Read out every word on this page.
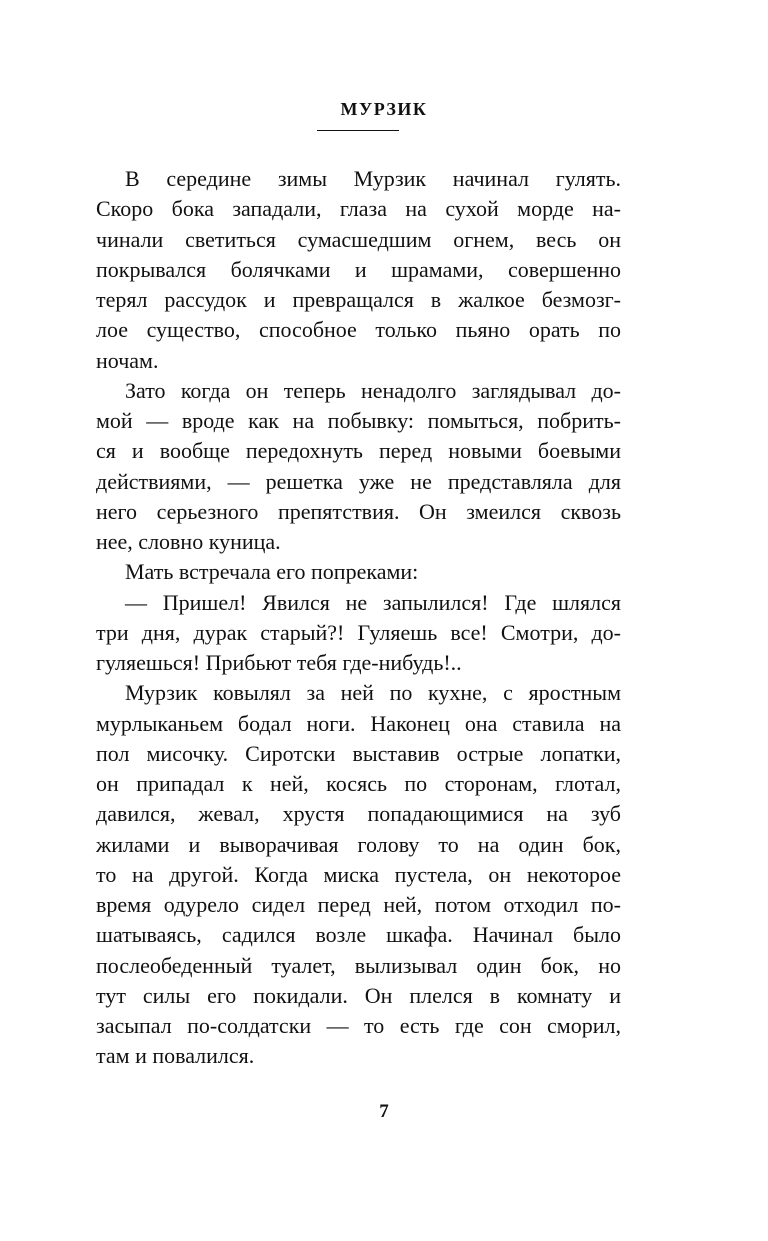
МУРЗИК
В середине зимы Мурзик начинал гулять.
Скоро бока западали, глаза на сухой морде на-
чинали светиться сумасшедшим огнем, весь он
покрывался болячками и шрамами, совершенно
терял рассудок и превращался в жалкое безмозг-
лое существо, способное только пьяно орать по
ночам.
Зато когда он теперь ненадолго заглядывал до-
мой — вроде как на побывку: помыться, побрить-
ся и вообще передохнуть перед новыми боевыми
действиями, — решетка уже не представляла для
него серьезного препятствия. Он змеился сквозь
нее, словно куница.
Мать встречала его попреками:
— Пришел! Явился не запылился! Где шлялся
три дня, дурак старый?! Гуляешь все! Смотри, до-
гуляешься! Прибьют тебя где-нибудь!..
Мурзик ковылял за ней по кухне, с яростным
мурлыканьем бодал ноги. Наконец она ставила на
пол мисочку. Сиротски выставив острые лопатки,
он припадал к ней, косясь по сторонам, глотал,
давился, жевал, хрустя попадающимися на зуб
жилами и выворачивая голову то на один бок,
то на другой. Когда миска пустела, он некоторое
время одурело сидел перед ней, потом отходил по-
шатываясь, садился возле шкафа. Начинал было
послеобеденный туалет, вылизывал один бок, но
тут силы его покидали. Он плелся в комнату и
засыпал по-солдатски — то есть где сон сморил,
там и повалился.
7
